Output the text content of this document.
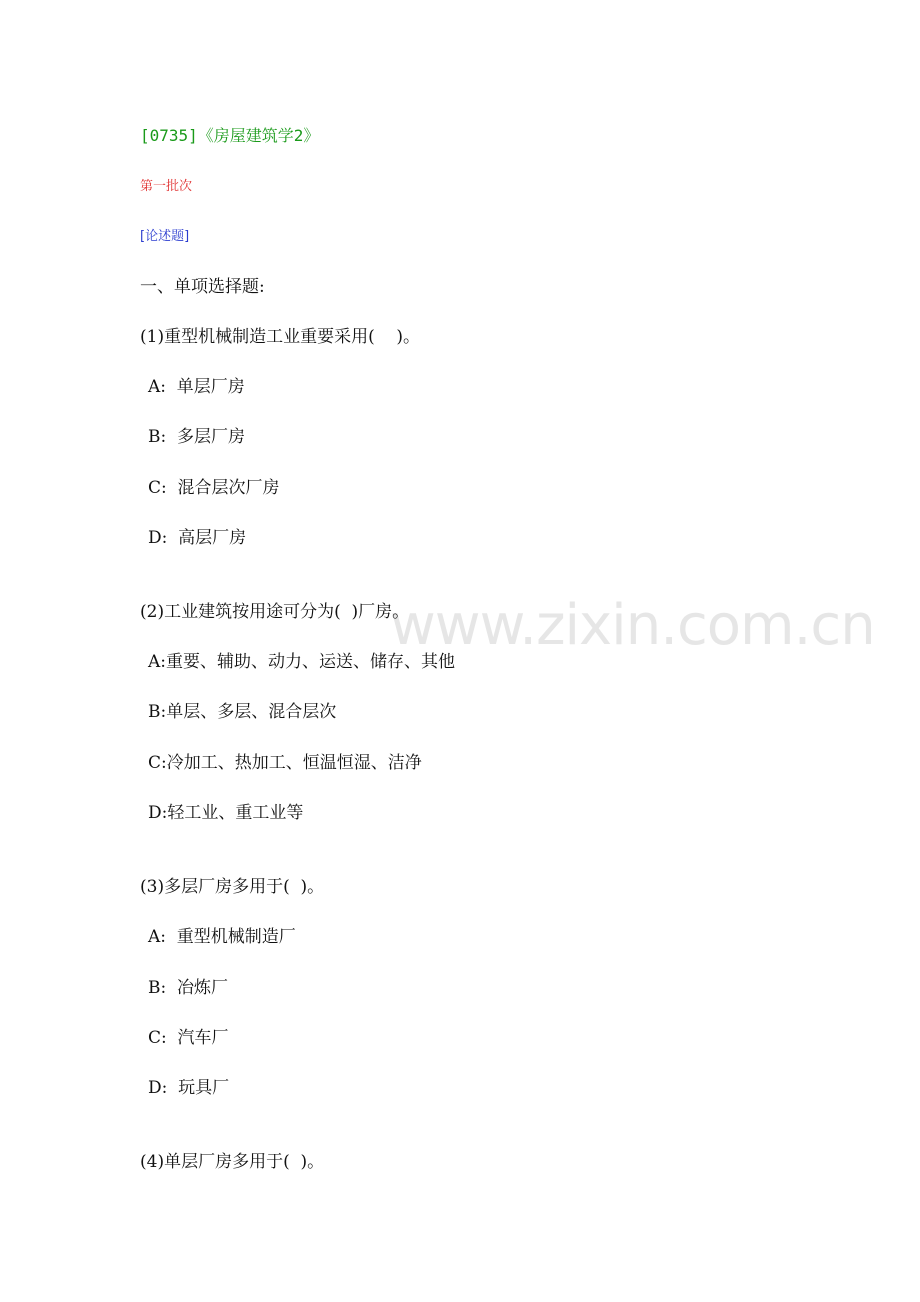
www.zixin.com.cn
[0735]《房屋建筑学2》
第一批次
[论述题]
一、单项选择题:
(1)重型机械制造工业重要采用(    )。
A:  单层厂房
B:  多层厂房
C:  混合层次厂房
D:  高层厂房
(2)工业建筑按用途可分为(  )厂房。
A:重要、辅助、动力、运送、储存、其他
B:单层、多层、混合层次
C:冷加工、热加工、恒温恒湿、洁净
D:轻工业、重工业等
(3)多层厂房多用于(  )。
A:  重型机械制造厂
B:  冶炼厂
C:  汽车厂
D:  玩具厂
(4)单层厂房多用于(  )。
